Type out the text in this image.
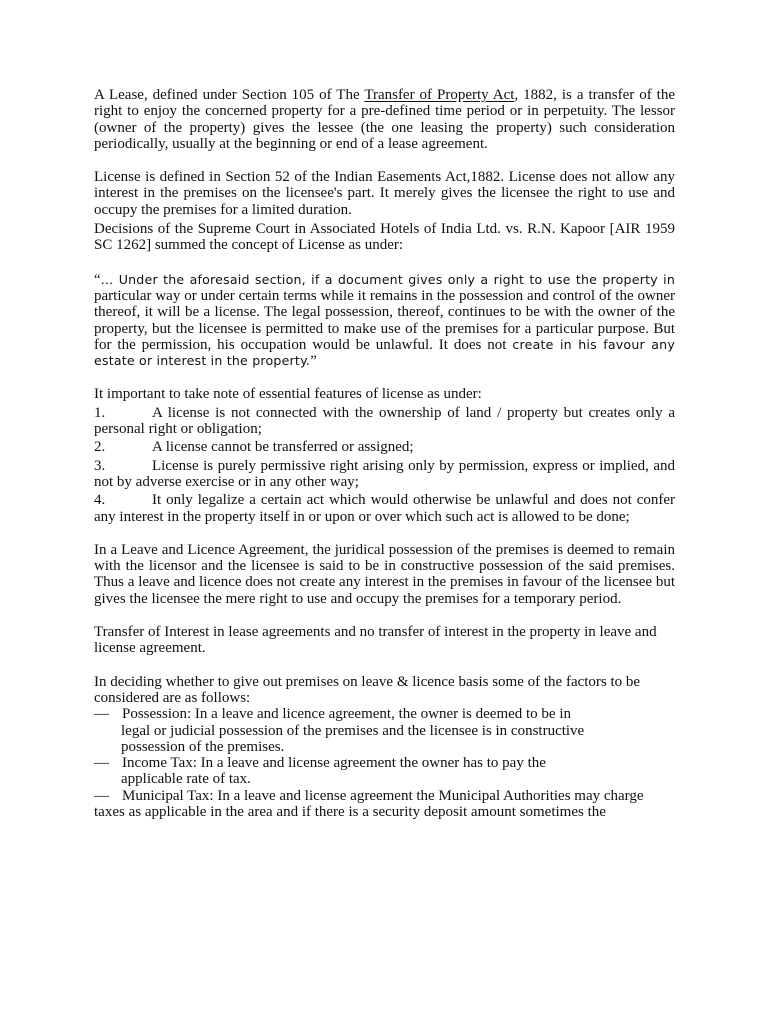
A Lease, defined under Section 105 of The Transfer of Property Act, 1882, is a transfer of the right to enjoy the concerned property for a pre-defined time period or in perpetuity. The lessor (owner of the property) gives the lessee (the one leasing the property) such consideration periodically, usually at the beginning or end of a lease agreement.

License is defined in Section 52 of the Indian Easements Act,1882. License does not allow any interest in the premises on the licensee's part. It merely gives the licensee the right to use and occupy the premises for a limited duration.

Decisions of the Supreme Court in Associated Hotels of India Ltd. vs. R.N. Kapoor [AIR 1959 SC 1262] summed the concept of License as under:

“… Under the aforesaid section, if a document gives only a right to use the property in particular way or under certain terms while it remains in the possession and control of the owner thereof, it will be a license. The legal possession, thereof, continues to be with the owner of the property, but the licensee is permitted to make use of the premises for a particular purpose. But for the permission, his occupation would be unlawful. It does not create in his favour any estate or interest in the property.”

It important to take note of essential features of license as under:

1.	A license is not connected with the ownership of land / property but creates only a personal right or obligation;

2.	A license cannot be transferred or assigned;

3.	License is purely permissive right arising only by permission, express or implied, and not by adverse exercise or in any other way;

4.	It only legalize a certain act which would otherwise be unlawful and does not confer any interest in the property itself in or upon or over which such act is allowed to be done;

In a Leave and Licence Agreement, the juridical possession of the premises is deemed to remain with the licensor and the licensee is said to be in constructive possession of the said premises. Thus a leave and licence does not create any interest in the premises in favour of the licensee but gives the licensee the mere right to use and occupy the premises for a temporary period.

Transfer of Interest in lease agreements and no transfer of interest in the property in leave and license agreement.

In deciding whether to give out premises on leave & licence basis some of the factors to be
considered are as follows:

— Possession: In a leave and licence agreement, the owner is deemed to be in
legal or judicial possession of the premises and the licensee is in constructive
possession of the premises.

— Income Tax: In a leave and license agreement the owner has to pay the
applicable rate of tax.

— Municipal Tax: In a leave and license agreement the Municipal Authorities may charge
taxes as applicable in the area and if there is a security deposit amount sometimes the
